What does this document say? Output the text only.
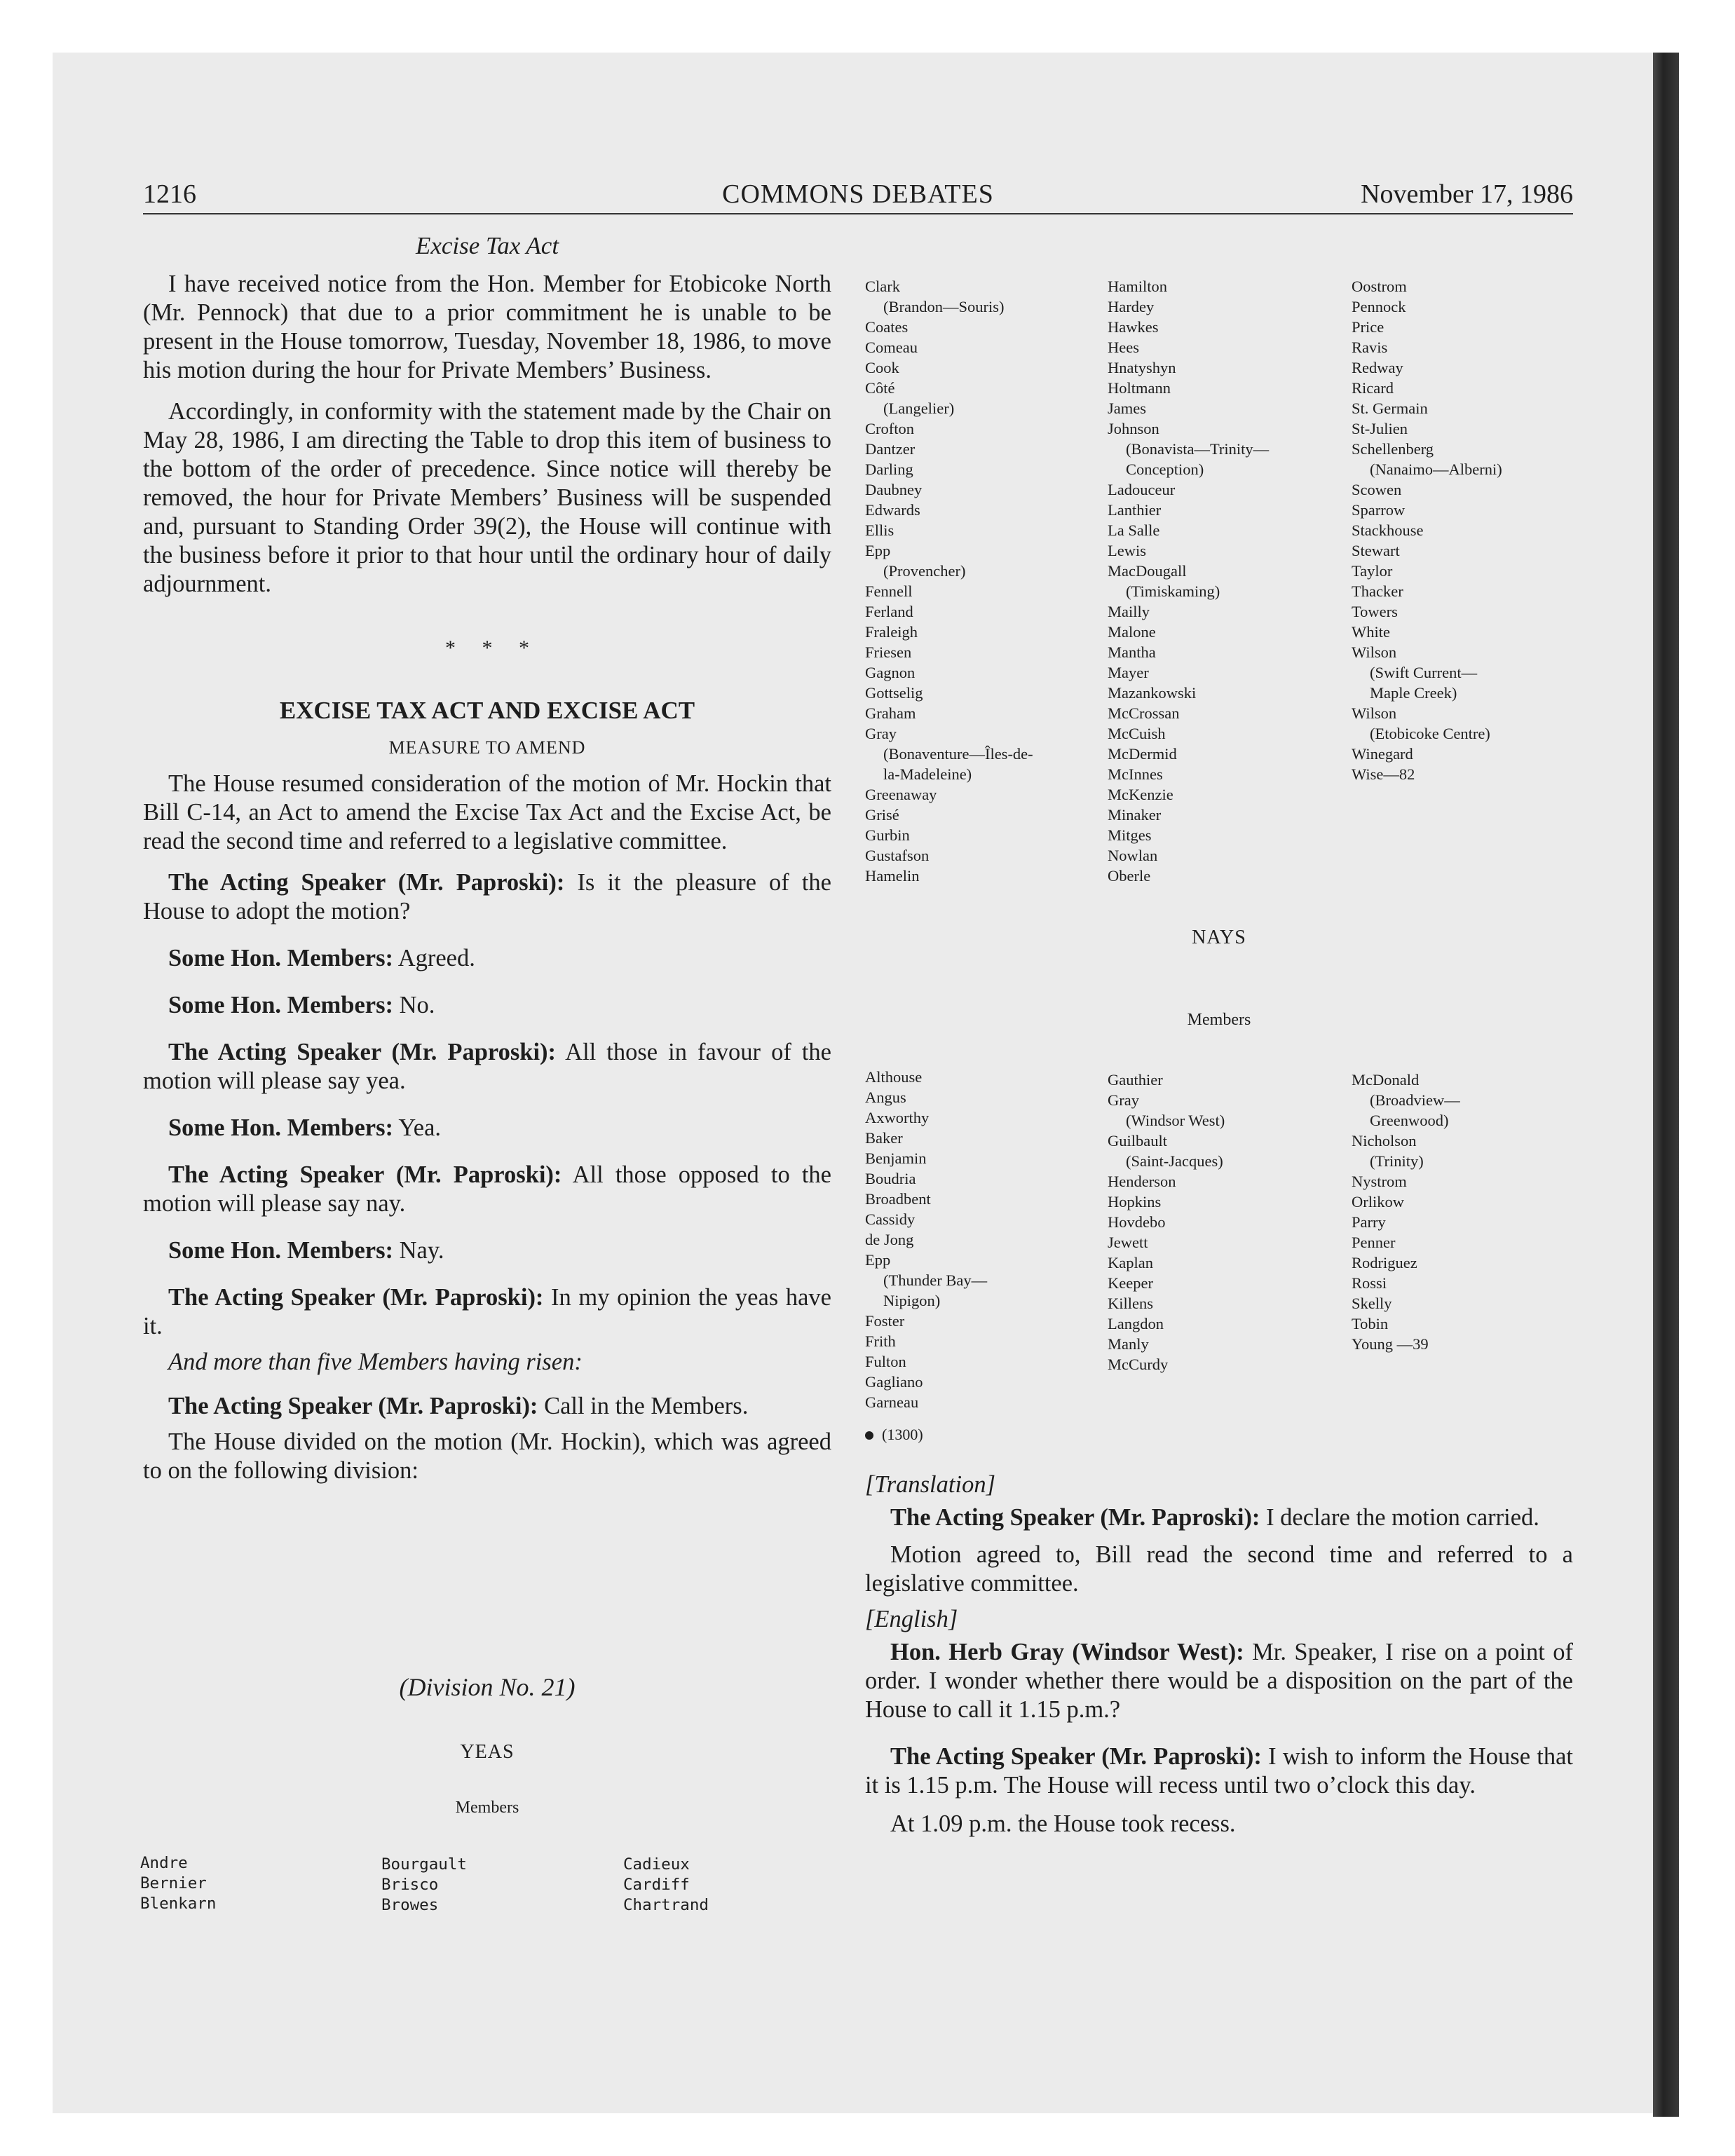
1216	COMMONS DEBATES	November 17, 1986
Excise Tax Act

I have received notice from the Hon. Member for Etobicoke North (Mr. Pennock) that due to a prior commitment he is unable to be present in the House tomorrow, Tuesday, November 18, 1986, to move his motion during the hour for Private Members’ Business.

Accordingly, in conformity with the statement made by the Chair on May 28, 1986, I am directing the Table to drop this item of business to the bottom of the order of precedence. Since notice will thereby be removed, the hour for Private Members’ Business will be suspended and, pursuant to Standing Order 39(2), the House will continue with the business before it prior to that hour until the ordinary hour of daily adjournment.

*     *     *
EXCISE TAX ACT AND EXCISE ACT
MEASURE TO AMEND

The House resumed consideration of the motion of Mr. Hockin that Bill C-14, an Act to amend the Excise Tax Act and the Excise Act, be read the second time and referred to a legislative committee.

The Acting Speaker (Mr. Paproski): Is it the pleasure of the House to adopt the motion?

Some Hon. Members: Agreed.

Some Hon. Members: No.

The Acting Speaker (Mr. Paproski): All those in favour of the motion will please say yea.

Some Hon. Members: Yea.

The Acting Speaker (Mr. Paproski): All those opposed to the motion will please say nay.

Some Hon. Members: Nay.

The Acting Speaker (Mr. Paproski): In my opinion the yeas have it.

And more than five Members having risen:

The Acting Speaker (Mr. Paproski): Call in the Members.

The House divided on the motion (Mr. Hockin), which was agreed to on the following division:

(Division No. 21)
YEAS
Members
Andre
Bernier
Blenkarn
Bourgault
Brisco
Browes
Cadieux
Cardiff
Chartrand
Clark
(Brandon—Souris)
Coates
Comeau
Cook
Côté
(Langelier)
Crofton
Dantzer
Darling
Daubney
Edwards
Ellis
Epp
(Provencher)
Fennell
Ferland
Fraleigh
Friesen
Gagnon
Gottselig
Graham
Gray
(Bonaventure—Îles-de-
la-Madeleine)
Greenaway
Grisé
Gurbin
Gustafson
Hamelin
Hamilton
Hardey
Hawkes
Hees
Hnatyshyn
Holtmann
James
Johnson
(Bonavista—Trinity—
Conception)
Ladouceur
Lanthier
La Salle
Lewis
MacDougall
(Timiskaming)
Mailly
Malone
Mantha
Mayer
Mazankowski
McCrossan
McCuish
McDermid
McInnes
McKenzie
Minaker
Mitges
Nowlan
Oberle
Oostrom
Pennock
Price
Ravis
Redway
Ricard
St. Germain
St-Julien
Schellenberg
(Nanaimo—Alberni)
Scowen
Sparrow
Stackhouse
Stewart
Taylor
Thacker
Towers
White
Wilson
(Swift Current—
Maple Creek)
Wilson
(Etobicoke Centre)
Winegard
Wise—82
NAYS
Members
Althouse
Angus
Axworthy
Baker
Benjamin
Boudria
Broadbent
Cassidy
de Jong
Epp
(Thunder Bay—
Nipigon)
Foster
Frith
Fulton
Gagliano
Garneau
Gauthier
Gray
(Windsor West)
Guilbault
(Saint-Jacques)
Henderson
Hopkins
Hovdebo
Jewett
Kaplan
Keeper
Killens
Langdon
Manly
McCurdy
McDonald
(Broadview—
Greenwood)
Nicholson
(Trinity)
Nystrom
Orlikow
Parry
Penner
Rodriguez
Rossi
Skelly
Tobin
Young —39
(1300)

[Translation]

The Acting Speaker (Mr. Paproski): I declare the motion carried.

Motion agreed to, Bill read the second time and referred to a legislative committee.

[English]

Hon. Herb Gray (Windsor West): Mr. Speaker, I rise on a point of order. I wonder whether there would be a disposition on the part of the House to call it 1.15 p.m.?

The Acting Speaker (Mr. Paproski): I wish to inform the House that it is 1.15 p.m. The House will recess until two o’clock this day.

At 1.09 p.m. the House took recess.
